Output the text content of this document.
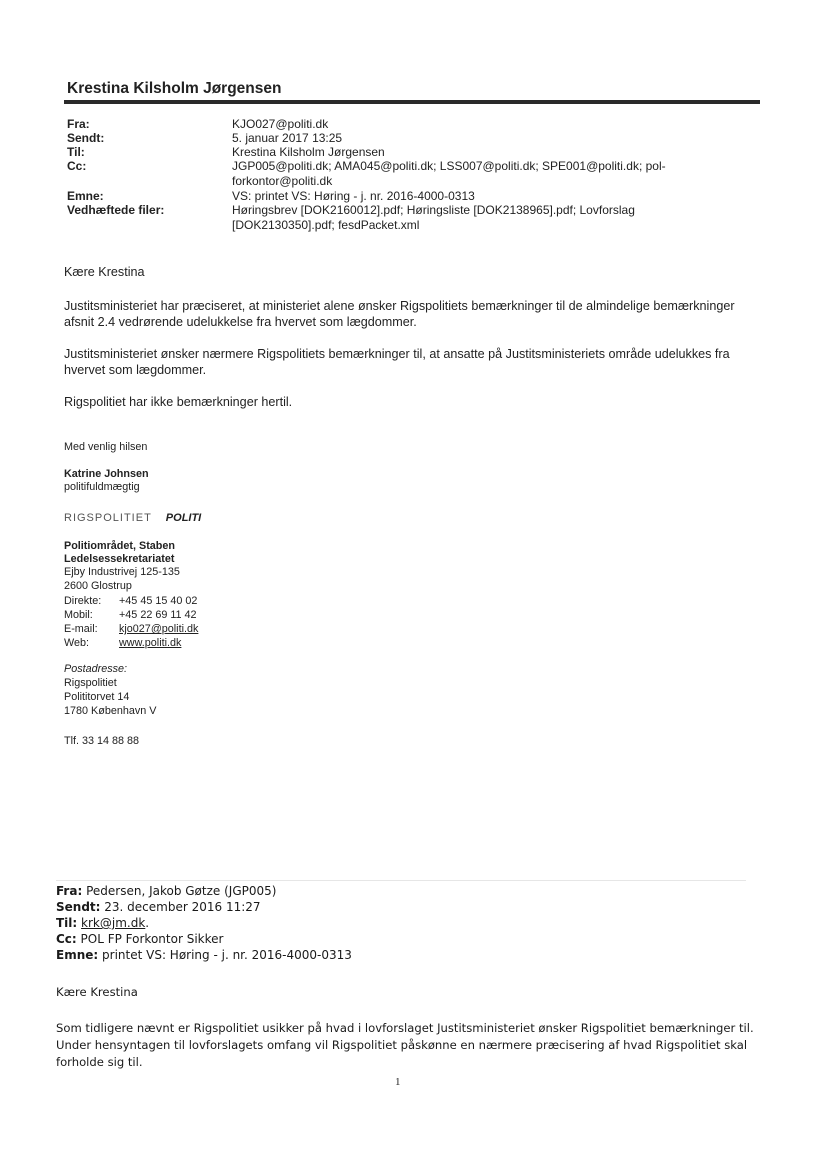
Krestina Kilsholm Jørgensen
Fra:	KJO027@politi.dk
Sendt:	5. januar 2017 13:25
Til:	Krestina Kilsholm Jørgensen
Cc:	JGP005@politi.dk; AMA045@politi.dk; LSS007@politi.dk; SPE001@politi.dk; pol-forkontor@politi.dk
Emne:	VS: printet VS: Høring - j. nr. 2016-4000-0313
Vedhæftede filer:	Høringsbrev [DOK2160012].pdf; Høringsliste [DOK2138965].pdf; Lovforslag [DOK2130350].pdf; fesdPacket.xml
Kære Krestina
Justitsministeriet har præciseret, at ministeriet alene ønsker Rigspolitiets bemærkninger til de almindelige bemærkninger afsnit 2.4 vedrørende udelukkelse fra hvervet som lægdommer.
Justitsministeriet ønsker nærmere Rigspolitiets bemærkninger til, at ansatte på Justitsministeriets område udelukkes fra hvervet som lægdommer.
Rigspolitiet har ikke bemærkninger hertil.
Med venlig hilsen
Katrine Johnsen
politifuldmægtig
RIGSPOLITIET POLITI
Politiområdet, Staben
Ledelsessekretariatet
Ejby Industrivej 125-135
2600 Glostrup
Direkte: +45 45 15 40 02
Mobil: +45 22 69 11 42
E-mail: kjo027@politi.dk
Web:	www.politi.dk
Postadresse:
Rigspolitiet
Polititorvet 14
1780 København V
Tlf. 33 14 88 88
Fra: Pedersen, Jakob Gøtze (JGP005)
Sendt: 23. december 2016 11:27
Til: krk@jm.dk.
Cc: POL FP Forkontor Sikker
Emne: printet VS: Høring - j. nr. 2016-4000-0313
Kære Krestina
Som tidligere nævnt er Rigspolitiet usikker på hvad i lovforslaget Justitsministeriet ønsker Rigspolitiet bemærkninger til. Under hensyntagen til lovforslagets omfang vil Rigspolitiet påskønne en nærmere præcisering af hvad Rigspolitiet skal forholde sig til.
1
